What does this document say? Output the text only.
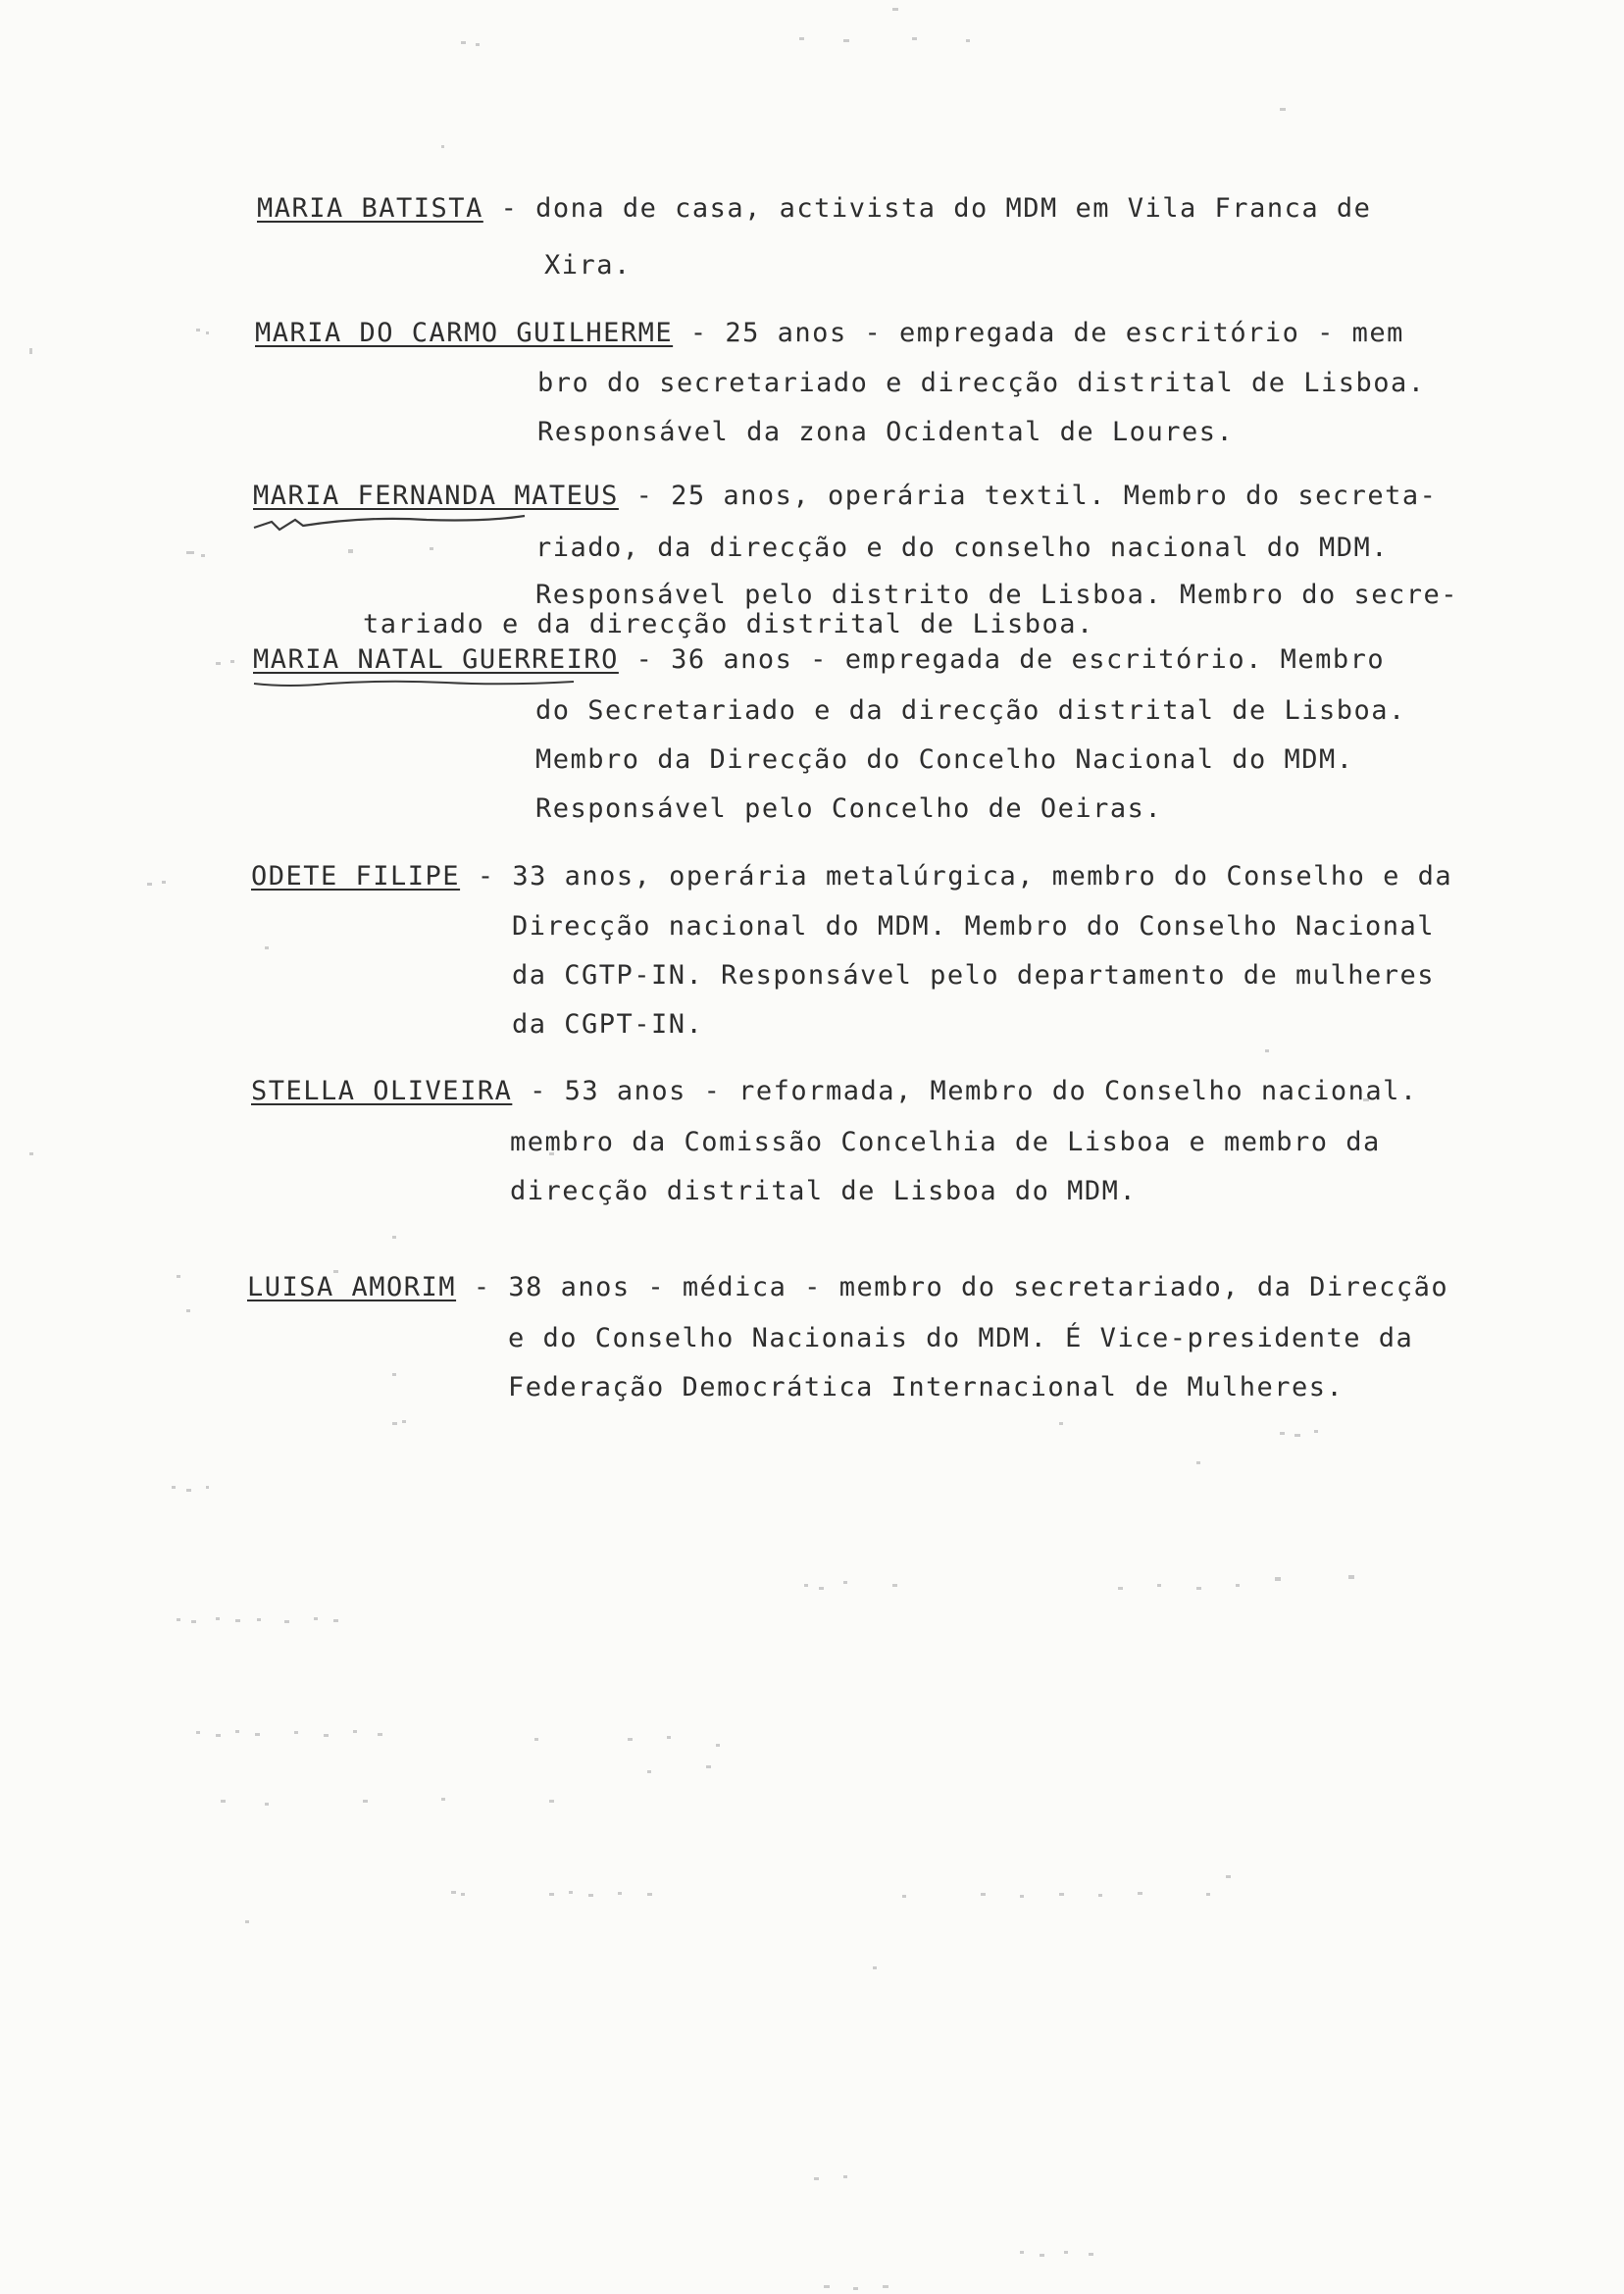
MARIA BATISTA - dona de casa, activista do MDM em Vila Franca de
Xira.
MARIA DO CARMO GUILHERME - 25 anos - empregada de escritório - mem
bro do secretariado e direcção distrital de Lisboa.
Responsável da zona Ocidental de Loures.
MARIA FERNANDA MATEUS - 25 anos, operária textil. Membro do secreta-
riado, da direcção e do conselho nacional do MDM.
Responsável pelo distrito de Lisboa. Membro do secre-
tariado e da direcção distrital de Lisboa.
MARIA NATAL GUERREIRO - 36 anos - empregada de escritório. Membro
do Secretariado e da direcção distrital de Lisboa.
Membro da Direcção do Concelho Nacional do MDM.
Responsável pelo Concelho de Oeiras.
ODETE FILIPE - 33 anos, operária metalúrgica, membro do Conselho e da
Direcção nacional do MDM. Membro do Conselho Nacional
da CGTP-IN. Responsável pelo departamento de mulheres
da CGPT-IN.
STELLA OLIVEIRA - 53 anos - reformada, Membro do Conselho nacional.
membro da Comissão Concelhia de Lisboa e membro da
direcção distrital de Lisboa do MDM.
LUISA AMORIM - 38 anos - médica - membro do secretariado, da Direcção
e do Conselho Nacionais do MDM. É Vice-presidente da
Federação Democrática Internacional de Mulheres.
